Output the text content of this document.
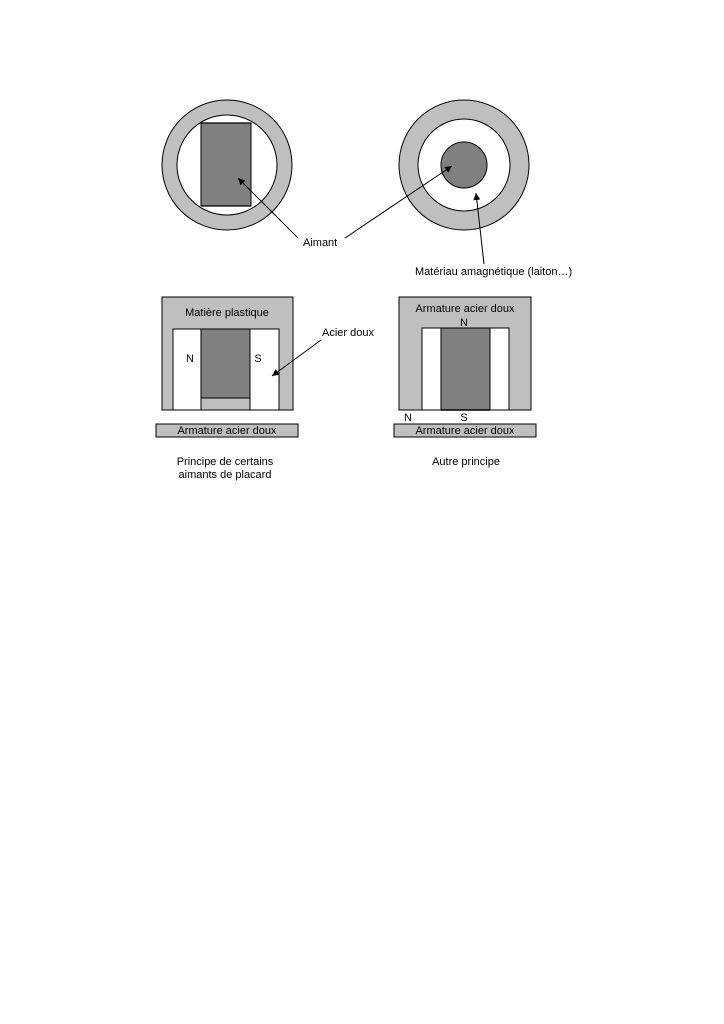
Aimant
Matériau amagnétique (laiton…)
Matière plastique
N	S
Armature acier doux
Acier doux
Principe de certains
aimants de placard
Armature acier doux
N
N	S
Armature acier doux
Autre principe
